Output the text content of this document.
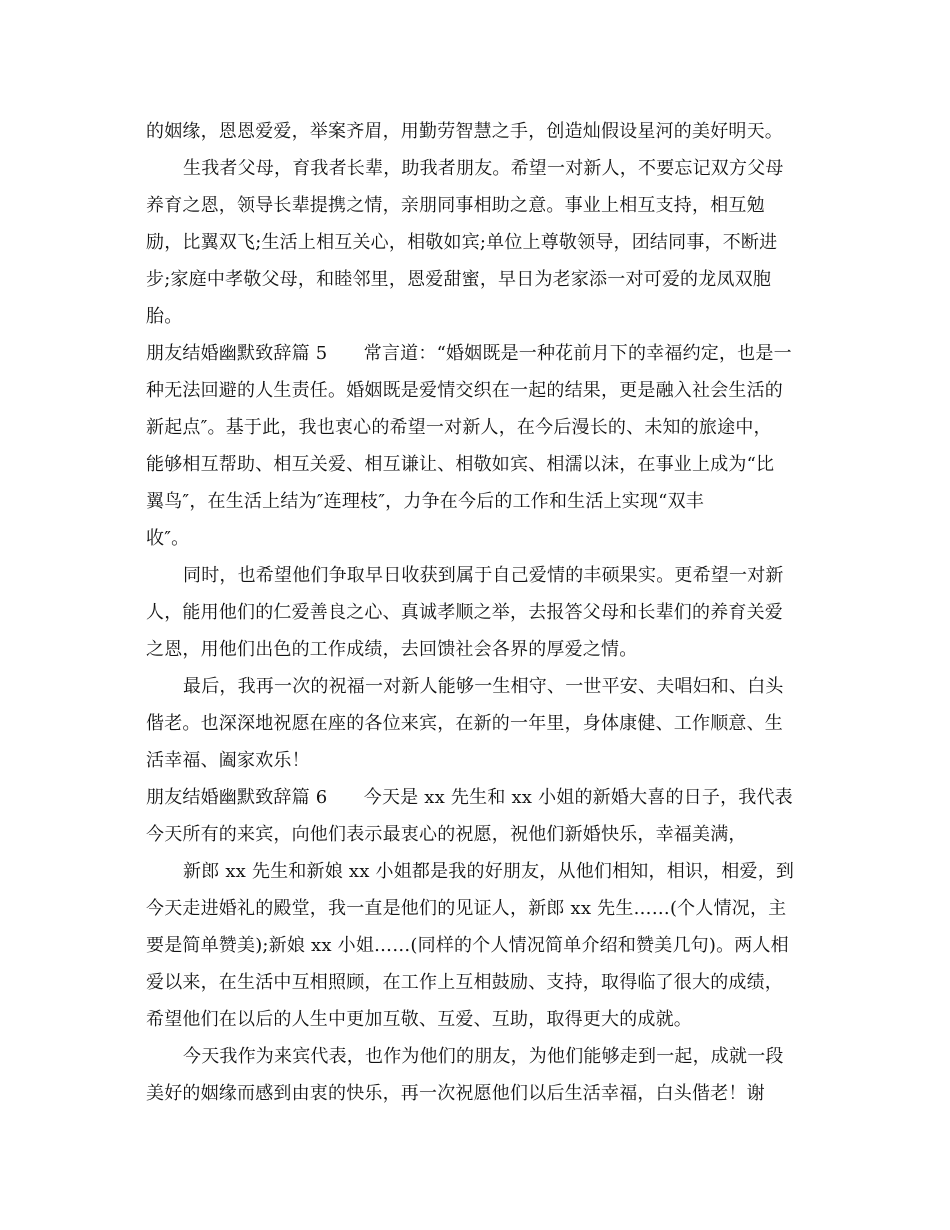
的姻缘，恩恩爱爱，举案齐眉，用勤劳智慧之手，创造灿假设星河的美好明天。
生我者父母，育我者长辈，助我者朋友。希望一对新人，不要忘记双方父母
养育之恩，领导长辈提携之情，亲朋同事相助之意。事业上相互支持，相互勉
励，比翼双飞;生活上相互关心，相敬如宾;单位上尊敬领导，团结同事，不断进
步;家庭中孝敬父母，和睦邻里，恩爱甜蜜，早日为老家添一对可爱的龙凤双胞
胎。
朋友结婚幽默致辞篇 5　　常言道：“婚姻既是一种花前月下的幸福约定，也是一
种无法回避的人生责任。婚姻既是爱情交织在一起的结果，更是融入社会生活的
新起点″。基于此，我也衷心的希望一对新人，在今后漫长的、未知的旅途中，
能够相互帮助、相互关爱、相互谦让、相敬如宾、相濡以沫，在事业上成为“比
翼鸟″，在生活上结为″连理枝″，力争在今后的工作和生活上实现“双丰
收″。
同时，也希望他们争取早日收获到属于自己爱情的丰硕果实。更希望一对新
人，能用他们的仁爱善良之心、真诚孝顺之举，去报答父母和长辈们的养育关爱
之恩，用他们出色的工作成绩，去回馈社会各界的厚爱之情。
最后，我再一次的祝福一对新人能够一生相守、一世平安、夫唱妇和、白头
偕老。也深深地祝愿在座的各位来宾，在新的一年里，身体康健、工作顺意、生
活幸福、阖家欢乐！
朋友结婚幽默致辞篇 6　　今天是 xx 先生和 xx 小姐的新婚大喜的日子，我代表
今天所有的来宾，向他们表示最衷心的祝愿，祝他们新婚快乐，幸福美满，
新郎 xx 先生和新娘 xx 小姐都是我的好朋友，从他们相知，相识，相爱，到
今天走进婚礼的殿堂，我一直是他们的见证人，新郎 xx 先生……(个人情况，主
要是简单赞美);新娘 xx 小姐……(同样的个人情况简单介绍和赞美几句)。两人相
爱以来，在生活中互相照顾，在工作上互相鼓励、支持，取得临了很大的成绩，
希望他们在以后的人生中更加互敬、互爱、互助，取得更大的成就。
今天我作为来宾代表，也作为他们的朋友，为他们能够走到一起，成就一段
美好的姻缘而感到由衷的快乐，再一次祝愿他们以后生活幸福，白头偕老！谢
